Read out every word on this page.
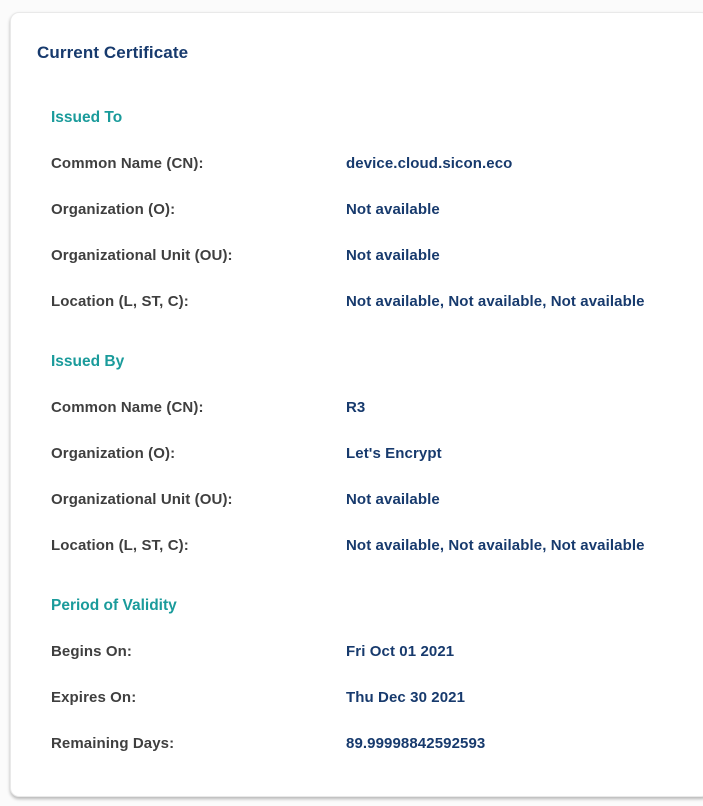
Current Certificate
Issued To
Common Name (CN):	device.cloud.sicon.eco
Organization (O):	Not available
Organizational Unit (OU):	Not available
Location (L, ST, C):	Not available, Not available, Not available
Issued By
Common Name (CN):	R3
Organization (O):	Let's Encrypt
Organizational Unit (OU):	Not available
Location (L, ST, C):	Not available, Not available, Not available
Period of Validity
Begins On:	Fri Oct 01 2021
Expires On:	Thu Dec 30 2021
Remaining Days:	89.99998842592593
